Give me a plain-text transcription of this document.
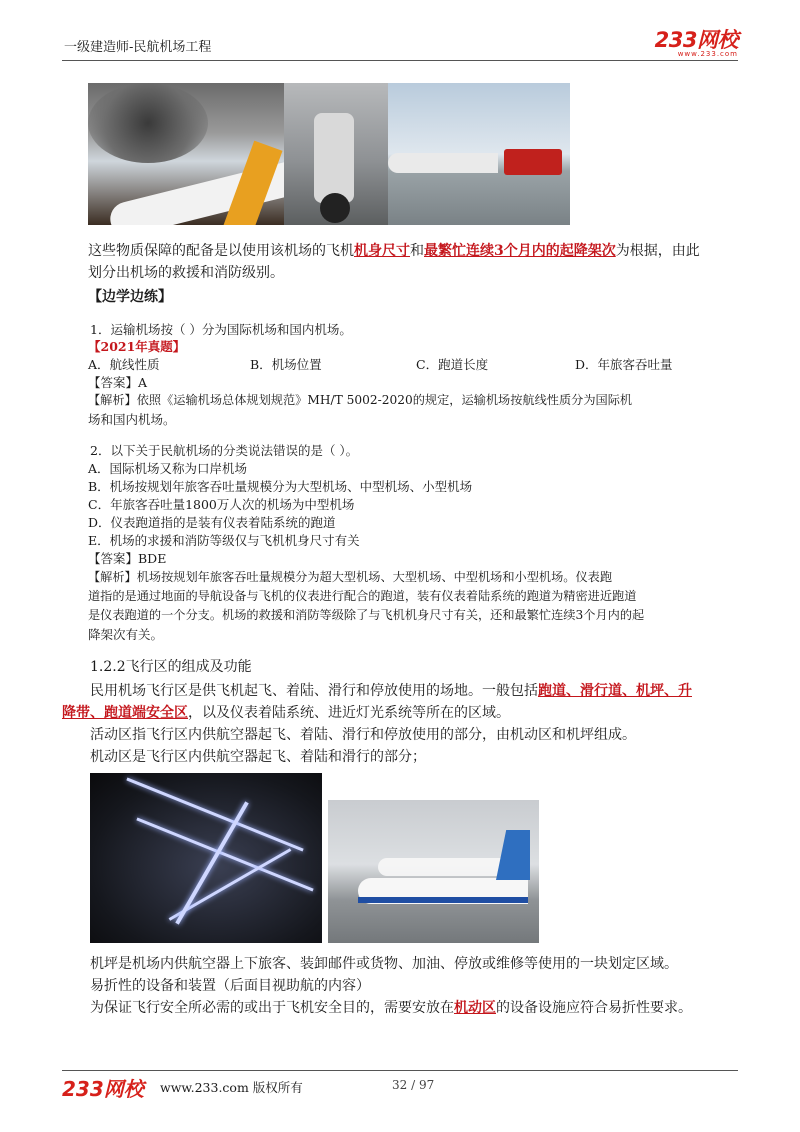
一级建造师-民航机场工程	233网校
www.233.com
这些物质保障的配备是以使用该机场的飞机机身尺寸和最繁忙连续3个月内的起降架次为根据，由此
划分出机场的救援和消防级别。
【边学边练】
1．运输机场按（ ）分为国际机场和国内机场。
【2021年真题】
A．航线性质	B．机场位置	C．跑道长度	D．年旅客吞吐量
【答案】A
【解析】依照《运输机场总体规划规范》MH/T 5002-2020的规定，运输机场按航线性质分为国际机
场和国内机场。
2．以下关于民航机场的分类说法错误的是（ ）。
A．国际机场又称为口岸机场
B．机场按规划年旅客吞吐量规模分为大型机场、中型机场、小型机场
C．年旅客吞吐量1800万人次的机场为中型机场
D．仪表跑道指的是装有仪表着陆系统的跑道
E．机场的求援和消防等级仅与飞机机身尺寸有关
【答案】BDE
【解析】机场按规划年旅客吞吐量规模分为超大型机场、大型机场、中型机场和小型机场。仪表跑
道指的是通过地面的导航设备与飞机的仪表进行配合的跑道，装有仪表着陆系统的跑道为精密进近跑道
是仪表跑道的一个分支。机场的救援和消防等级除了与飞机机身尺寸有关，还和最繁忙连续3个月内的起
降架次有关。
1.2.2飞行区的组成及功能
民用机场飞行区是供飞机起飞、着陆、滑行和停放使用的场地。一般包括跑道、滑行道、机坪、升
降带、跑道端安全区，以及仪表着陆系统、进近灯光系统等所在的区域。
活动区指飞行区内供航空器起飞、着陆、滑行和停放使用的部分，由机动区和机坪组成。
机动区是飞行区内供航空器起飞、着陆和滑行的部分；
机坪是机场内供航空器上下旅客、装卸邮件或货物、加油、停放或维修等使用的一块划定区域。
易折性的设备和装置（后面目视助航的内容）
为保证飞行安全所必需的或出于飞机安全目的，需要安放在机动区的设备设施应符合易折性要求。
233网校 www.233.com 版权所有	32 / 97
